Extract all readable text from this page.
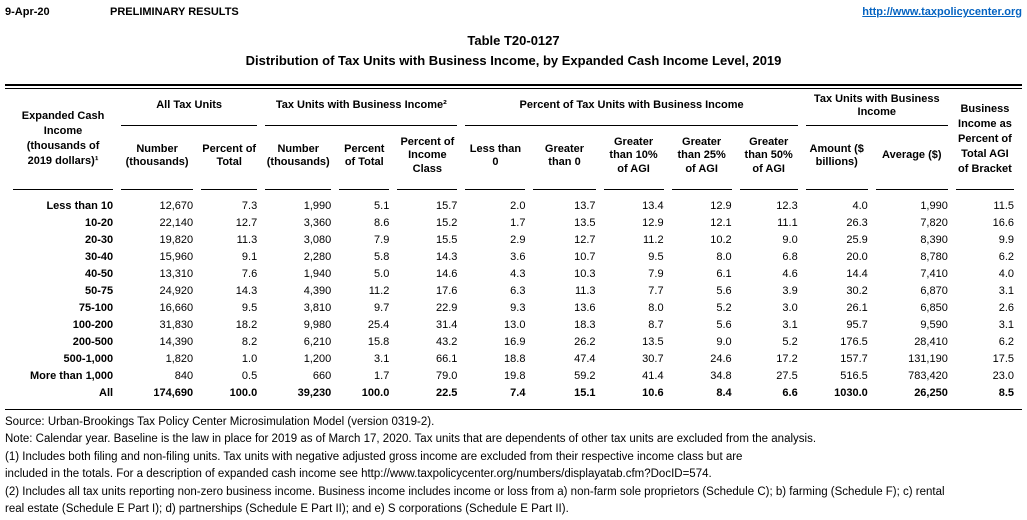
9-Apr-20	PRELIMINARY RESULTS	http://www.taxpolicycenter.org
Table T20-0127
Distribution of Tax Units with Business Income, by Expanded Cash Income Level, 2019
Expanded Cash Income (thousands of 2019 dollars)¹	All Tax Units		Tax Units with Business Income²			Percent of Tax Units with Business Income					Tax Units with Business Income		Business Income as Percent of Total AGI of Bracket
	Number (thousands)	Percent of Total	Number (thousands)	Percent of Total	Percent of Income Class	Less than 0	Greater than 0	Greater than 10% of AGI	Greater than 25% of AGI	Greater than 50% of AGI	Amount ($ billions)	Average ($)	

Less than 10	12,670	7.3	1,990	5.1	15.7	2.0	13.7	13.4	12.9	12.3	4.0	1,990	11.5
10-20	22,140	12.7	3,360	8.6	15.2	1.7	13.5	12.9	12.1	11.1	26.3	7,820	16.6
20-30	19,820	11.3	3,080	7.9	15.5	2.9	12.7	11.2	10.2	9.0	25.9	8,390	9.9
30-40	15,960	9.1	2,280	5.8	14.3	3.6	10.7	9.5	8.0	6.8	20.0	8,780	6.2
40-50	13,310	7.6	1,940	5.0	14.6	4.3	10.3	7.9	6.1	4.6	14.4	7,410	4.0
50-75	24,920	14.3	4,390	11.2	17.6	6.3	11.3	7.7	5.6	3.9	30.2	6,870	3.1
75-100	16,660	9.5	3,810	9.7	22.9	9.3	13.6	8.0	5.2	3.0	26.1	6,850	2.6
100-200	31,830	18.2	9,980	25.4	31.4	13.0	18.3	8.7	5.6	3.1	95.7	9,590	3.1
200-500	14,390	8.2	6,210	15.8	43.2	16.9	26.2	13.5	9.0	5.2	176.5	28,410	6.2
500-1,000	1,820	1.0	1,200	3.1	66.1	18.8	47.4	30.7	24.6	17.2	157.7	131,190	17.5
More than 1,000	840	0.5	660	1.7	79.0	19.8	59.2	41.4	34.8	27.5	516.5	783,420	23.0
All	174,690	100.0	39,230	100.0	22.5	7.4	15.1	10.6	8.4	6.6	1030.0	26,250	8.5
Source: Urban-Brookings Tax Policy Center Microsimulation Model (version 0319-2).
Note: Calendar year. Baseline is the law in place for 2019 as of March 17, 2020. Tax units that are dependents of other tax units are excluded from the analysis.
(1) Includes both filing and non-filing units. Tax units with negative adjusted gross income are excluded from their respective income class but are
included in the totals. For a description of expanded cash income see http://www.taxpolicycenter.org/numbers/displayatab.cfm?DocID=574.
(2) Includes all tax units reporting non-zero business income. Business income includes income or loss from a) non-farm sole proprietors (Schedule C); b) farming (Schedule F); c) rental
real estate (Schedule E Part I); d) partnerships (Schedule E Part II); and e) S corporations (Schedule E Part II).
